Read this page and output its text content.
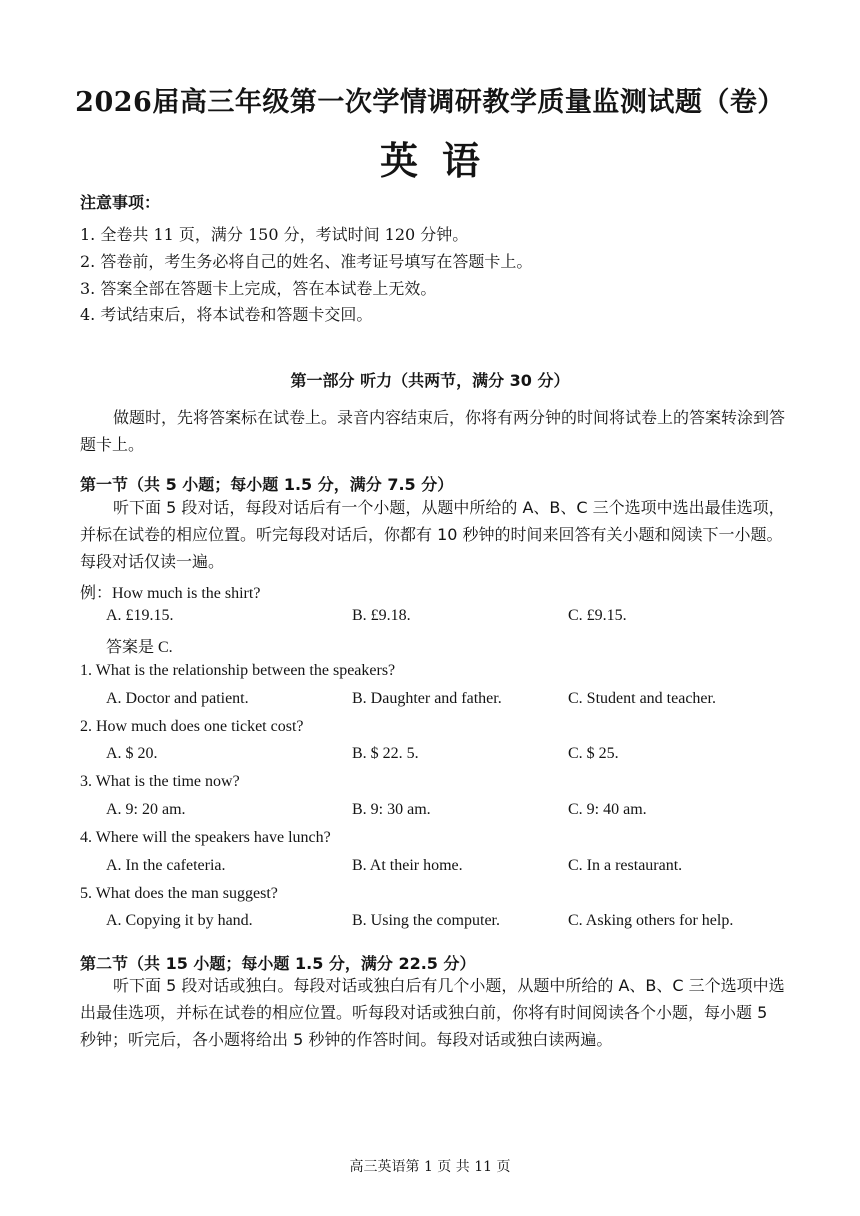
2026届高三年级第一次学情调研教学质量监测试题（卷）
英语
注意事项：
1. 全卷共 11 页，满分 150 分，考试时间 120 分钟。
2. 答卷前，考生务必将自己的姓名、准考证号填写在答题卡上。
3. 答案全部在答题卡上完成，答在本试卷上无效。
4. 考试结束后，将本试卷和答题卡交回。
第一部分 听力（共两节，满分 30 分）
做题时，先将答案标在试卷上。录音内容结束后，你将有两分钟的时间将试卷上的答案转涂到答题卡上。
第一节（共 5 小题；每小题 1.5 分，满分 7.5 分）
听下面 5 段对话，每段对话后有一个小题，从题中所给的 A、B、C 三个选项中选出最佳选项，并标在试卷的相应位置。听完每段对话后，你都有 10 秒钟的时间来回答有关小题和阅读下一小题。每段对话仅读一遍。
例：How much is the shirt?
A. £19.15.	B. £9.18.	C. £9.15.
答案是 C.
1. What is the relationship between the speakers?
A. Doctor and patient.	B. Daughter and father.	C. Student and teacher.
2. How much does one ticket cost?
A. $ 20.	B. $ 22. 5.	C. $ 25.
3. What is the time now?
A. 9: 20 am.	B. 9: 30 am.	C. 9: 40 am.
4. Where will the speakers have lunch?
A. In the cafeteria.	B. At their home.	C. In a restaurant.
5. What does the man suggest?
A. Copying it by hand.	B. Using the computer.	C. Asking others for help.
第二节（共 15 小题；每小题 1.5 分，满分 22.5 分）
听下面 5 段对话或独白。每段对话或独白后有几个小题，从题中所给的 A、B、C 三个选项中选出最佳选项，并标在试卷的相应位置。听每段对话或独白前，你将有时间阅读各个小题，每小题 5 秒钟；听完后，各小题将给出 5 秒钟的作答时间。每段对话或独白读两遍。
高三英语第 1 页 共 11 页
